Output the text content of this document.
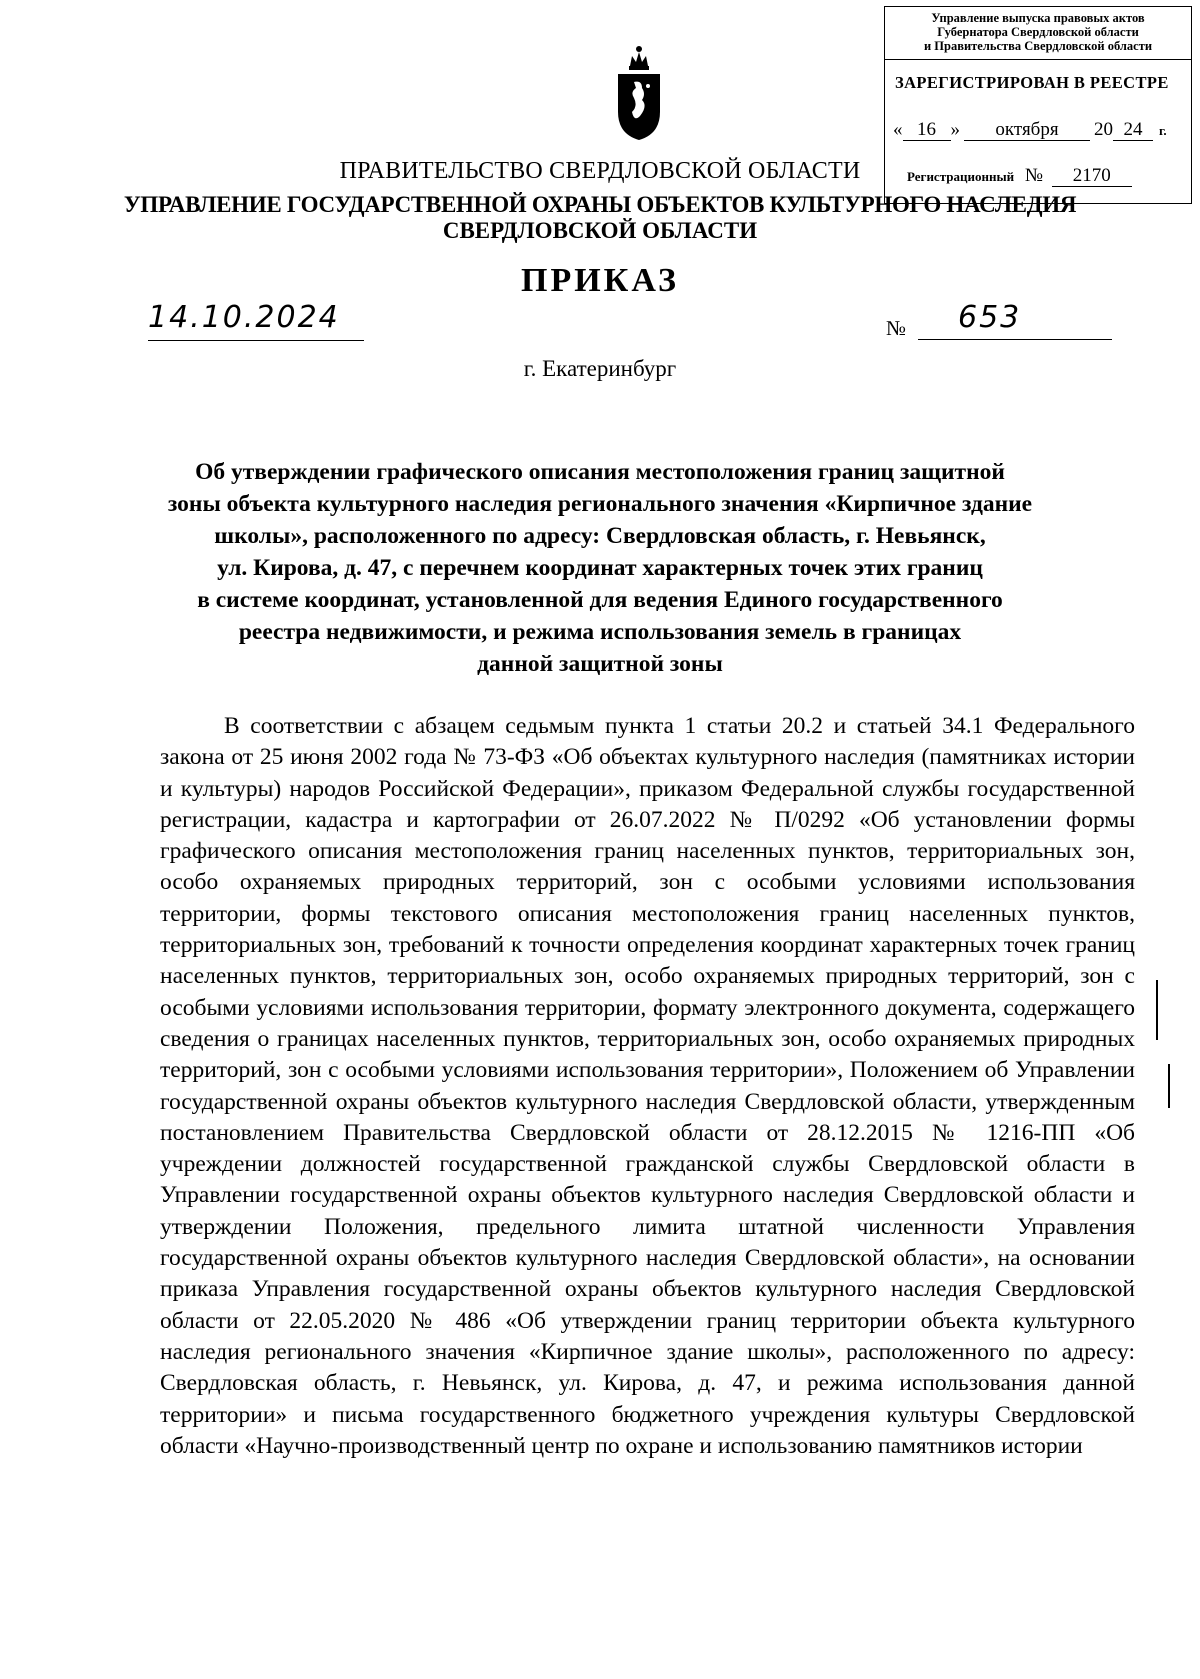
Управление выпуска правовых актов
Губернатора Свердловской области
и Правительства Свердловской области
ЗАРЕГИСТРИРОВАН В РЕЕСТРЕ
« 16 » октября 20 24 г.
Регистрационный № 2170
ПРАВИТЕЛЬСТВО СВЕРДЛОВСКОЙ ОБЛАСТИ
УПРАВЛЕНИЕ ГОСУДАРСТВЕННОЙ ОХРАНЫ ОБЪЕКТОВ КУЛЬТУРНОГО НАСЛЕДИЯ
СВЕРДЛОВСКОЙ ОБЛАСТИ
ПРИКАЗ
14.10.2024	№	653
г. Екатеринбург
Об утверждении графического описания местоположения границ защитной
зоны объекта культурного наследия регионального значения «Кирпичное здание
школы», расположенного по адресу: Свердловская область, г. Невьянск,
ул. Кирова, д. 47, с перечнем координат характерных точек этих границ
в системе координат, установленной для ведения Единого государственного
реестра недвижимости, и режима использования земель в границах
данной защитной зоны

В соответствии с абзацем седьмым пункта 1 статьи 20.2 и статьей 34.1 Федерального закона от 25 июня 2002 года № 73-ФЗ «Об объектах культурного наследия (памятниках истории и культуры) народов Российской Федерации», приказом Федеральной службы государственной регистрации, кадастра и картографии от 26.07.2022 № П/0292 «Об установлении формы графического описания местоположения границ населенных пунктов, территориальных зон, особо охраняемых природных территорий, зон с особыми условиями использования территории, формы текстового описания местоположения границ населенных пунктов, территориальных зон, требований к точности определения координат характерных точек границ населенных пунктов, территориальных зон, особо охраняемых природных территорий, зон с особыми условиями использования территории, формату электронного документа, содержащего сведения о границах населенных пунктов, территориальных зон, особо охраняемых природных территорий, зон с особыми условиями использования территории», Положением об Управлении государственной охраны объектов культурного наследия Свердловской области, утвержденным постановлением Правительства Свердловской области от 28.12.2015 № 1216-ПП «Об учреждении должностей государственной гражданской службы Свердловской области в Управлении государственной охраны объектов культурного наследия Свердловской области и утверждении Положения, предельного лимита штатной численности Управления государственной охраны объектов культурного наследия Свердловской области», на основании приказа Управления государственной охраны объектов культурного наследия Свердловской области от 22.05.2020 № 486 «Об утверждении границ территории объекта культурного наследия регионального значения «Кирпичное здание школы», расположенного по адресу: Свердловская область, г. Невьянск, ул. Кирова, д. 47, и режима использования данной территории» и письма государственного бюджетного учреждения культуры Свердловской области «Научно-производственный центр по охране и использованию памятников истории
